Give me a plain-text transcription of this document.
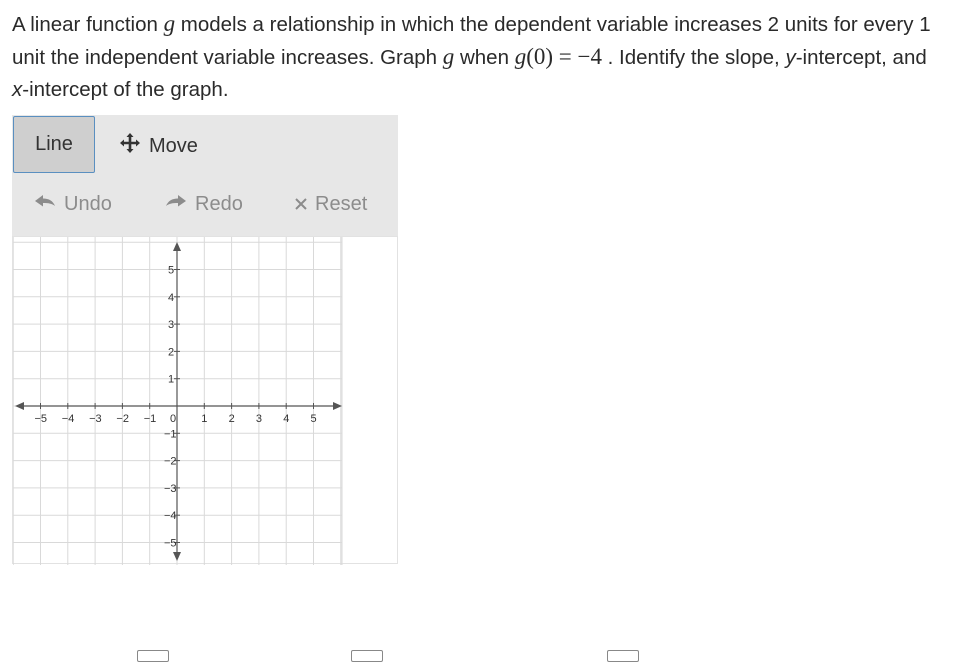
A linear function g models a relationship in which the dependent variable increases 2 units for every 1 unit the independent variable increases. Graph g when g(0) = −4 . Identify the slope, y-intercept, and x-intercept of the graph.
Line	Move
Undo	Redo	Reset
−5 −4 −3 −2 −1	1 2 3 4 5
5
4
3
2
1
−1
−2
−3
−4
−5
0
